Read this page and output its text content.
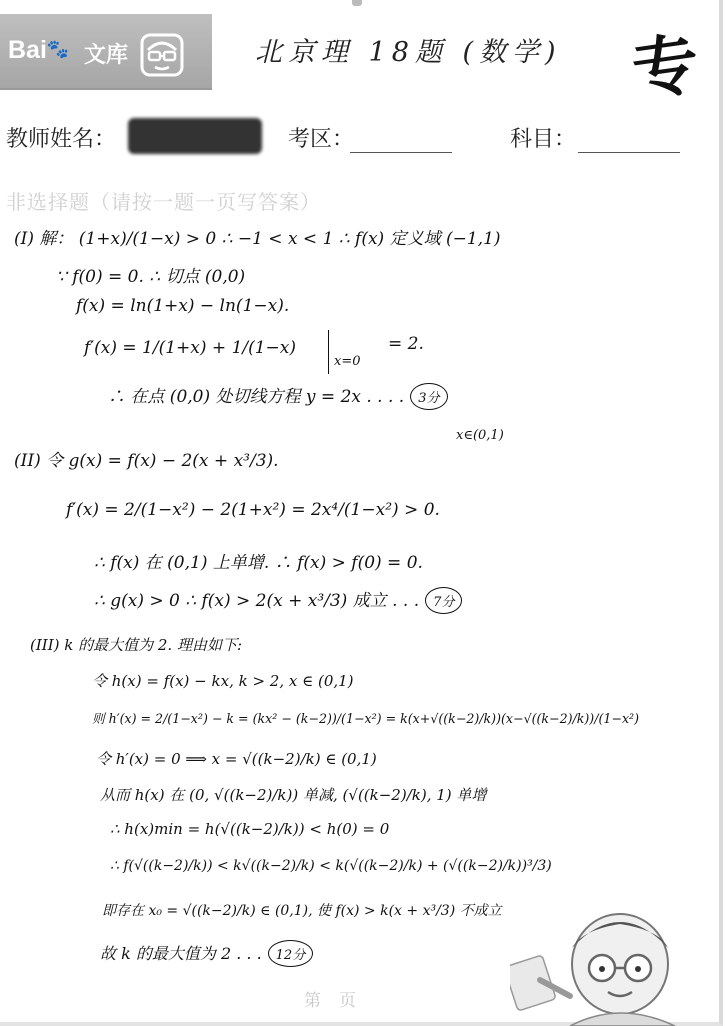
Bai🐾 文库	北京理 18题 (数学) 专
教师姓名：	考区：	科目：
非选择题（请按一题一页写答案）
(I) 解： (1+x)/(1−x) > 0 ∴ −1 < x < 1 ∴ f(x) 定义域 (−1,1)
∵ f(0) = 0. ∴ 切点 (0,0)
f(x) = ln(1+x) − ln(1−x).
f′(x) = 1/(1+x) + 1/(1−x)
x=0
= 2.
∴ 在点 (0,0) 处切线方程 y = 2x . . . . 3分
(II) 令 g(x) = f(x) − 2(x + x³/3).
x∈(0,1)
f′(x) = 2/(1−x²) − 2(1+x²) = 2x⁴/(1−x²) > 0.
∴ f(x) 在 (0,1) 上单增. ∴ f(x) > f(0) = 0.
∴ g(x) > 0 ∴ f(x) > 2(x + x³/3) 成立 . . . 7分
(III) k 的最大值为 2. 理由如下:
令 h(x) = f(x) − kx, k > 2, x ∈ (0,1)
则 h′(x) = 2/(1−x²) − k = (kx² − (k−2))/(1−x²) = k(x+√((k−2)/k))(x−√((k−2)/k))/(1−x²)
令 h′(x) = 0 ⟹ x = √((k−2)/k) ∈ (0,1)
从而 h(x) 在 (0, √((k−2)/k)) 单减, (√((k−2)/k), 1) 单增
∴ h(x)min = h(√((k−2)/k)) < h(0) = 0
∴ f(√((k−2)/k)) < k√((k−2)/k) < k(√((k−2)/k) + (√((k−2)/k))³/3)
即存在 x₀ = √((k−2)/k) ∈ (0,1), 使 f(x) > k(x + x³/3) 不成立
故 k 的最大值为 2 . . . 12分
第页
